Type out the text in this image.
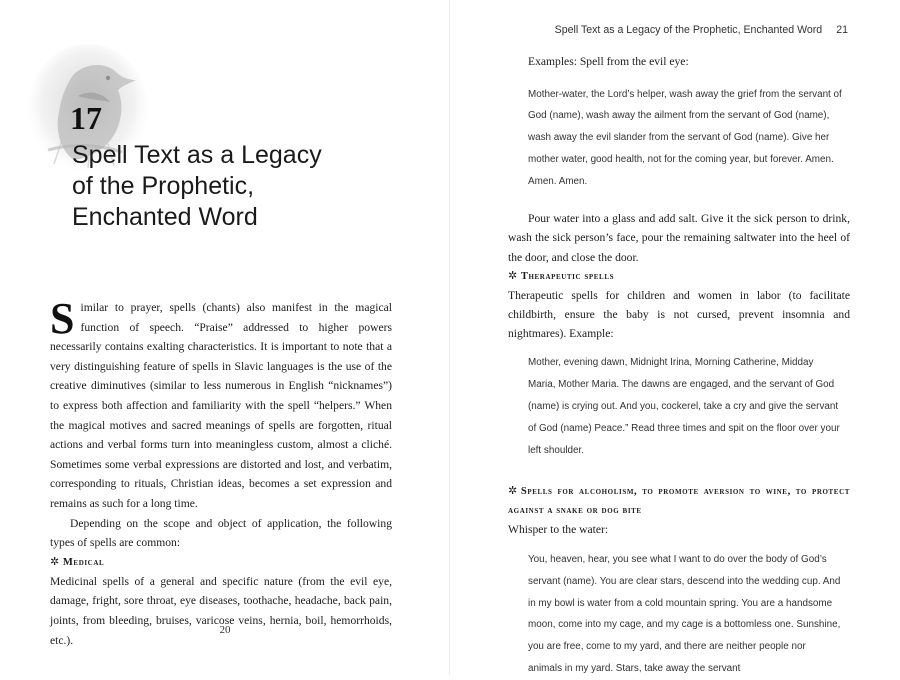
17
Spell Text as a Legacy
of the Prophetic,
Enchanted Word

Similar to prayer, spells (chants) also manifest in the magical function of speech. “Praise” addressed to higher powers necessarily contains exalting characteristics. It is important to note that a very distinguishing feature of spells in Slavic languages is the use of the creative diminutives (similar to less numerous in English “nicknames”) to express both affection and familiarity with the spell “helpers.” When the magical motives and sacred meanings of spells are forgotten, ritual actions and verbal forms turn into meaningless custom, almost a cliché. Sometimes some verbal expressions are distorted and lost, and verbatim, corresponding to rituals, Christian ideas, becomes a set expression and remains as such for a long time.

Depending on the scope and object of application, the following types of spells are common:

✲ Medical

Medicinal spells of a general and specific nature (from the evil eye, damage, fright, sore throat, eye diseases, toothache, headache, back pain, joints, from bleeding, bruises, varicose veins, hernia, boil, hemorrhoids, etc.).

20
Spell Text as a Legacy of the Prophetic, Enchanted Word 21

Examples: Spell from the evil eye:

Mother-water, the Lord’s helper, wash away the grief from the servant of God (name), wash away the ailment from the servant of God (name), wash away the evil slander from the servant of God (name). Give her mother water, good health, not for the coming year, but forever. Amen. Amen. Amen.

Pour water into a glass and add salt. Give it the sick person to drink, wash the sick person’s face, pour the remaining saltwater into the heel of the door, and close the door.

✲ Therapeutic spells

Therapeutic spells for children and women in labor (to facilitate childbirth, ensure the baby is not cursed, prevent insomnia and nightmares). Example:

Mother, evening dawn, Midnight Irina, Morning Catherine, Midday Maria, Mother Maria. The dawns are engaged, and the servant of God (name) is crying out. And you, cockerel, take a cry and give the servant of God (name) Peace.” Read three times and spit on the floor over your left shoulder.

✲ Spells for alcoholism, to promote aversion to wine, to protect against a snake or dog bite

Whisper to the water:

You, heaven, hear, you see what I want to do over the body of God’s servant (name). You are clear stars, descend into the wedding cup. And in my bowl is water from a cold mountain spring. You are a handsome moon, come into my cage, and my cage is a bottomless one. Sunshine, you are free, come to my yard, and there are neither people nor animals in my yard. Stars, take away the servant
